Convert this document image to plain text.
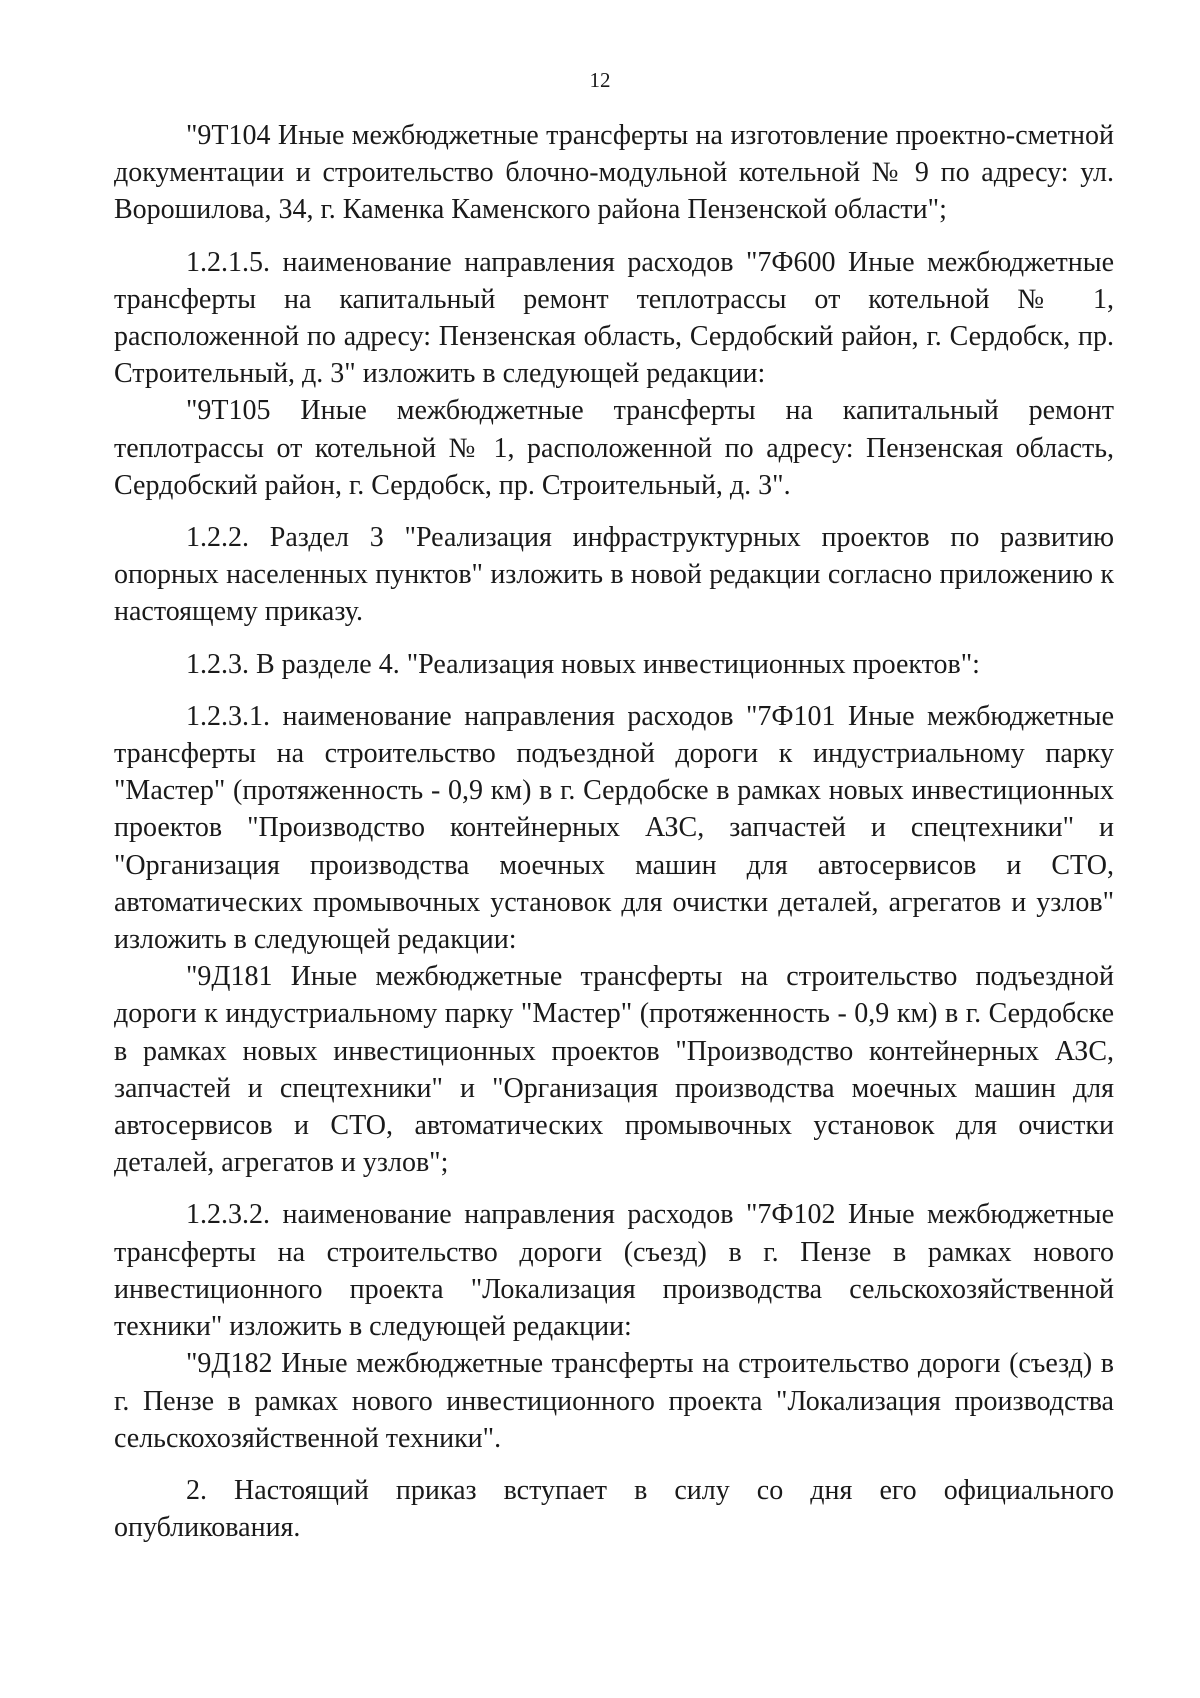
12

"9Т104 Иные межбюджетные трансферты на изготовление проектно-сметной документации и строительство блочно-модульной котельной № 9 по адресу: ул. Ворошилова, 34, г. Каменка Каменского района Пензенской области";

1.2.1.5. наименование направления расходов "7Ф600 Иные межбюджетные трансферты на капитальный ремонт теплотрассы от котельной № 1, расположенной по адресу: Пензенская область, Сердобский район, г. Сердобск, пр. Строительный, д. 3" изложить в следующей редакции:

"9Т105 Иные межбюджетные трансферты на капитальный ремонт теплотрассы от котельной № 1, расположенной по адресу: Пензенская область, Сердобский район, г. Сердобск, пр. Строительный, д. 3".

1.2.2. Раздел 3 "Реализация инфраструктурных проектов по развитию опорных населенных пунктов" изложить в новой редакции согласно приложению к настоящему приказу.

1.2.3. В разделе 4. "Реализация новых инвестиционных проектов":

1.2.3.1. наименование направления расходов "7Ф101 Иные межбюджетные трансферты на строительство подъездной дороги к индустриальному парку "Мастер" (протяженность - 0,9 км) в г. Сердобске в рамках новых инвестиционных проектов "Производство контейнерных АЗС, запчастей и спецтехники" и "Организация производства моечных машин для автосервисов и СТО, автоматических промывочных установок для очистки деталей, агрегатов и узлов" изложить в следующей редакции:

"9Д181 Иные межбюджетные трансферты на строительство подъездной дороги к индустриальному парку "Мастер" (протяженность - 0,9 км) в г. Сердобске в рамках новых инвестиционных проектов "Производство контейнерных АЗС, запчастей и спецтехники" и "Организация производства моечных машин для автосервисов и СТО, автоматических промывочных установок для очистки деталей, агрегатов и узлов";

1.2.3.2. наименование направления расходов "7Ф102 Иные межбюджетные трансферты на строительство дороги (съезд) в г. Пензе в рамках нового инвестиционного проекта "Локализация производства сельскохозяйственной техники" изложить в следующей редакции:

"9Д182 Иные межбюджетные трансферты на строительство дороги (съезд) в г. Пензе в рамках нового инвестиционного проекта "Локализация производства сельскохозяйственной техники".

2. Настоящий приказ вступает в силу со дня его официального опубликования.
